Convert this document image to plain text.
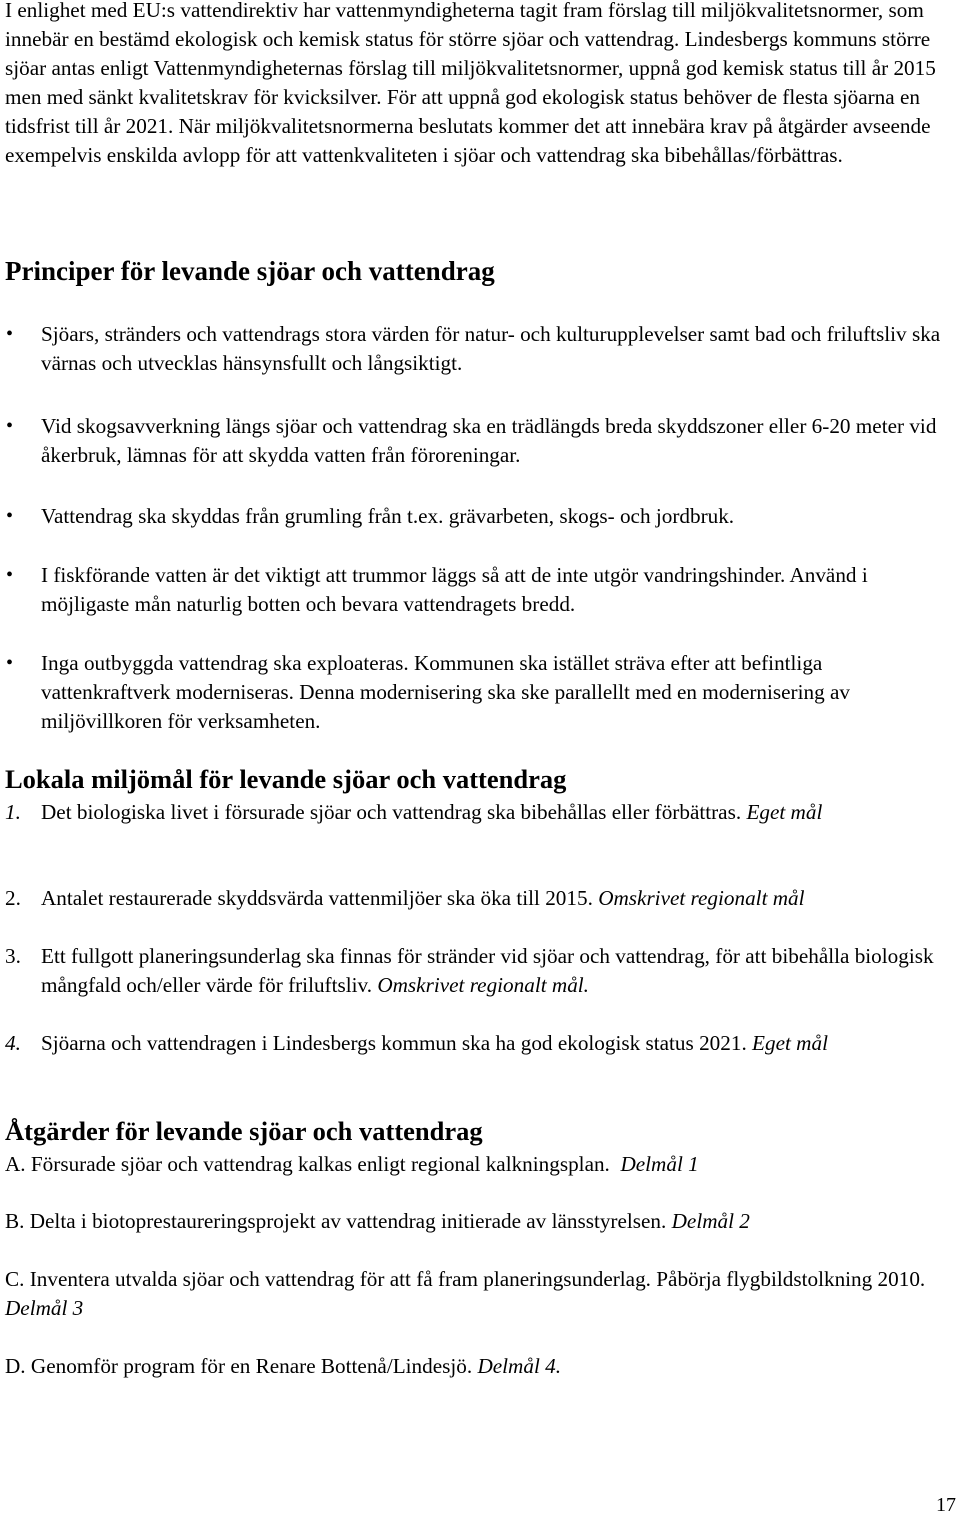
I enlighet med EU:s vattendirektiv har vattenmyndigheterna tagit fram förslag till miljökvalitetsnormer, som innebär en bestämd ekologisk och kemisk status för större sjöar och vattendrag. Lindesbergs kommuns större sjöar antas enligt Vattenmyndigheternas förslag till miljökvalitetsnormer, uppnå god kemisk status till år 2015 men med sänkt kvalitetskrav för kvicksilver. För att uppnå god ekologisk status behöver de flesta sjöarna en tidsfrist till år 2021. När miljökvalitetsnormerna beslutats kommer det att innebära krav på åtgärder avseende exempelvis enskilda avlopp för att vattenkvaliteten i sjöar och vattendrag ska bibehållas/förbättras.

Principer för levande sjöar och vattendrag
• Sjöars, stränders och vattendrags stora värden för natur- och kulturupplevelser samt bad och friluftsliv ska värnas och utvecklas hänsynsfullt och långsiktigt.

• Vid skogsavverkning längs sjöar och vattendrag ska en trädlängds breda skyddszoner eller 6-20 meter vid åkerbruk, lämnas för att skydda vatten från föroreningar.

• Vattendrag ska skyddas från grumling från t.ex. grävarbeten, skogs- och jordbruk.

• I fiskförande vatten är det viktigt att trummor läggs så att de inte utgör vandringshinder. Använd i möjligaste mån naturlig botten och bevara vattendragets bredd.

• Inga outbyggda vattendrag ska exploateras. Kommunen ska istället sträva efter att befintliga vattenkraftverk moderniseras. Denna modernisering ska ske parallellt med en modernisering av miljövillkoren för verksamheten.

Lokala miljömål för levande sjöar och vattendrag
1. Det biologiska livet i försurade sjöar och vattendrag ska bibehållas eller förbättras. Eget mål

2. Antalet restaurerade skyddsvärda vattenmiljöer ska öka till 2015. Omskrivet regionalt mål

3. Ett fullgott planeringsunderlag ska finnas för stränder vid sjöar och vattendrag, för att bibehålla biologisk mångfald och/eller värde för friluftsliv. Omskrivet regionalt mål.

4. Sjöarna och vattendragen i Lindesbergs kommun ska ha god ekologisk status 2021. Eget mål

Åtgärder för levande sjöar och vattendrag

A. Försurade sjöar och vattendrag kalkas enligt regional kalkningsplan. Delmål 1

B. Delta i biotoprestaureringsprojekt av vattendrag initierade av länsstyrelsen. Delmål 2

C. Inventera utvalda sjöar och vattendrag för att få fram planeringsunderlag. Påbörja flygbildstolkning 2010. Delmål 3

D. Genomför program för en Renare Bottenå/Lindesjö. Delmål 4.

17
